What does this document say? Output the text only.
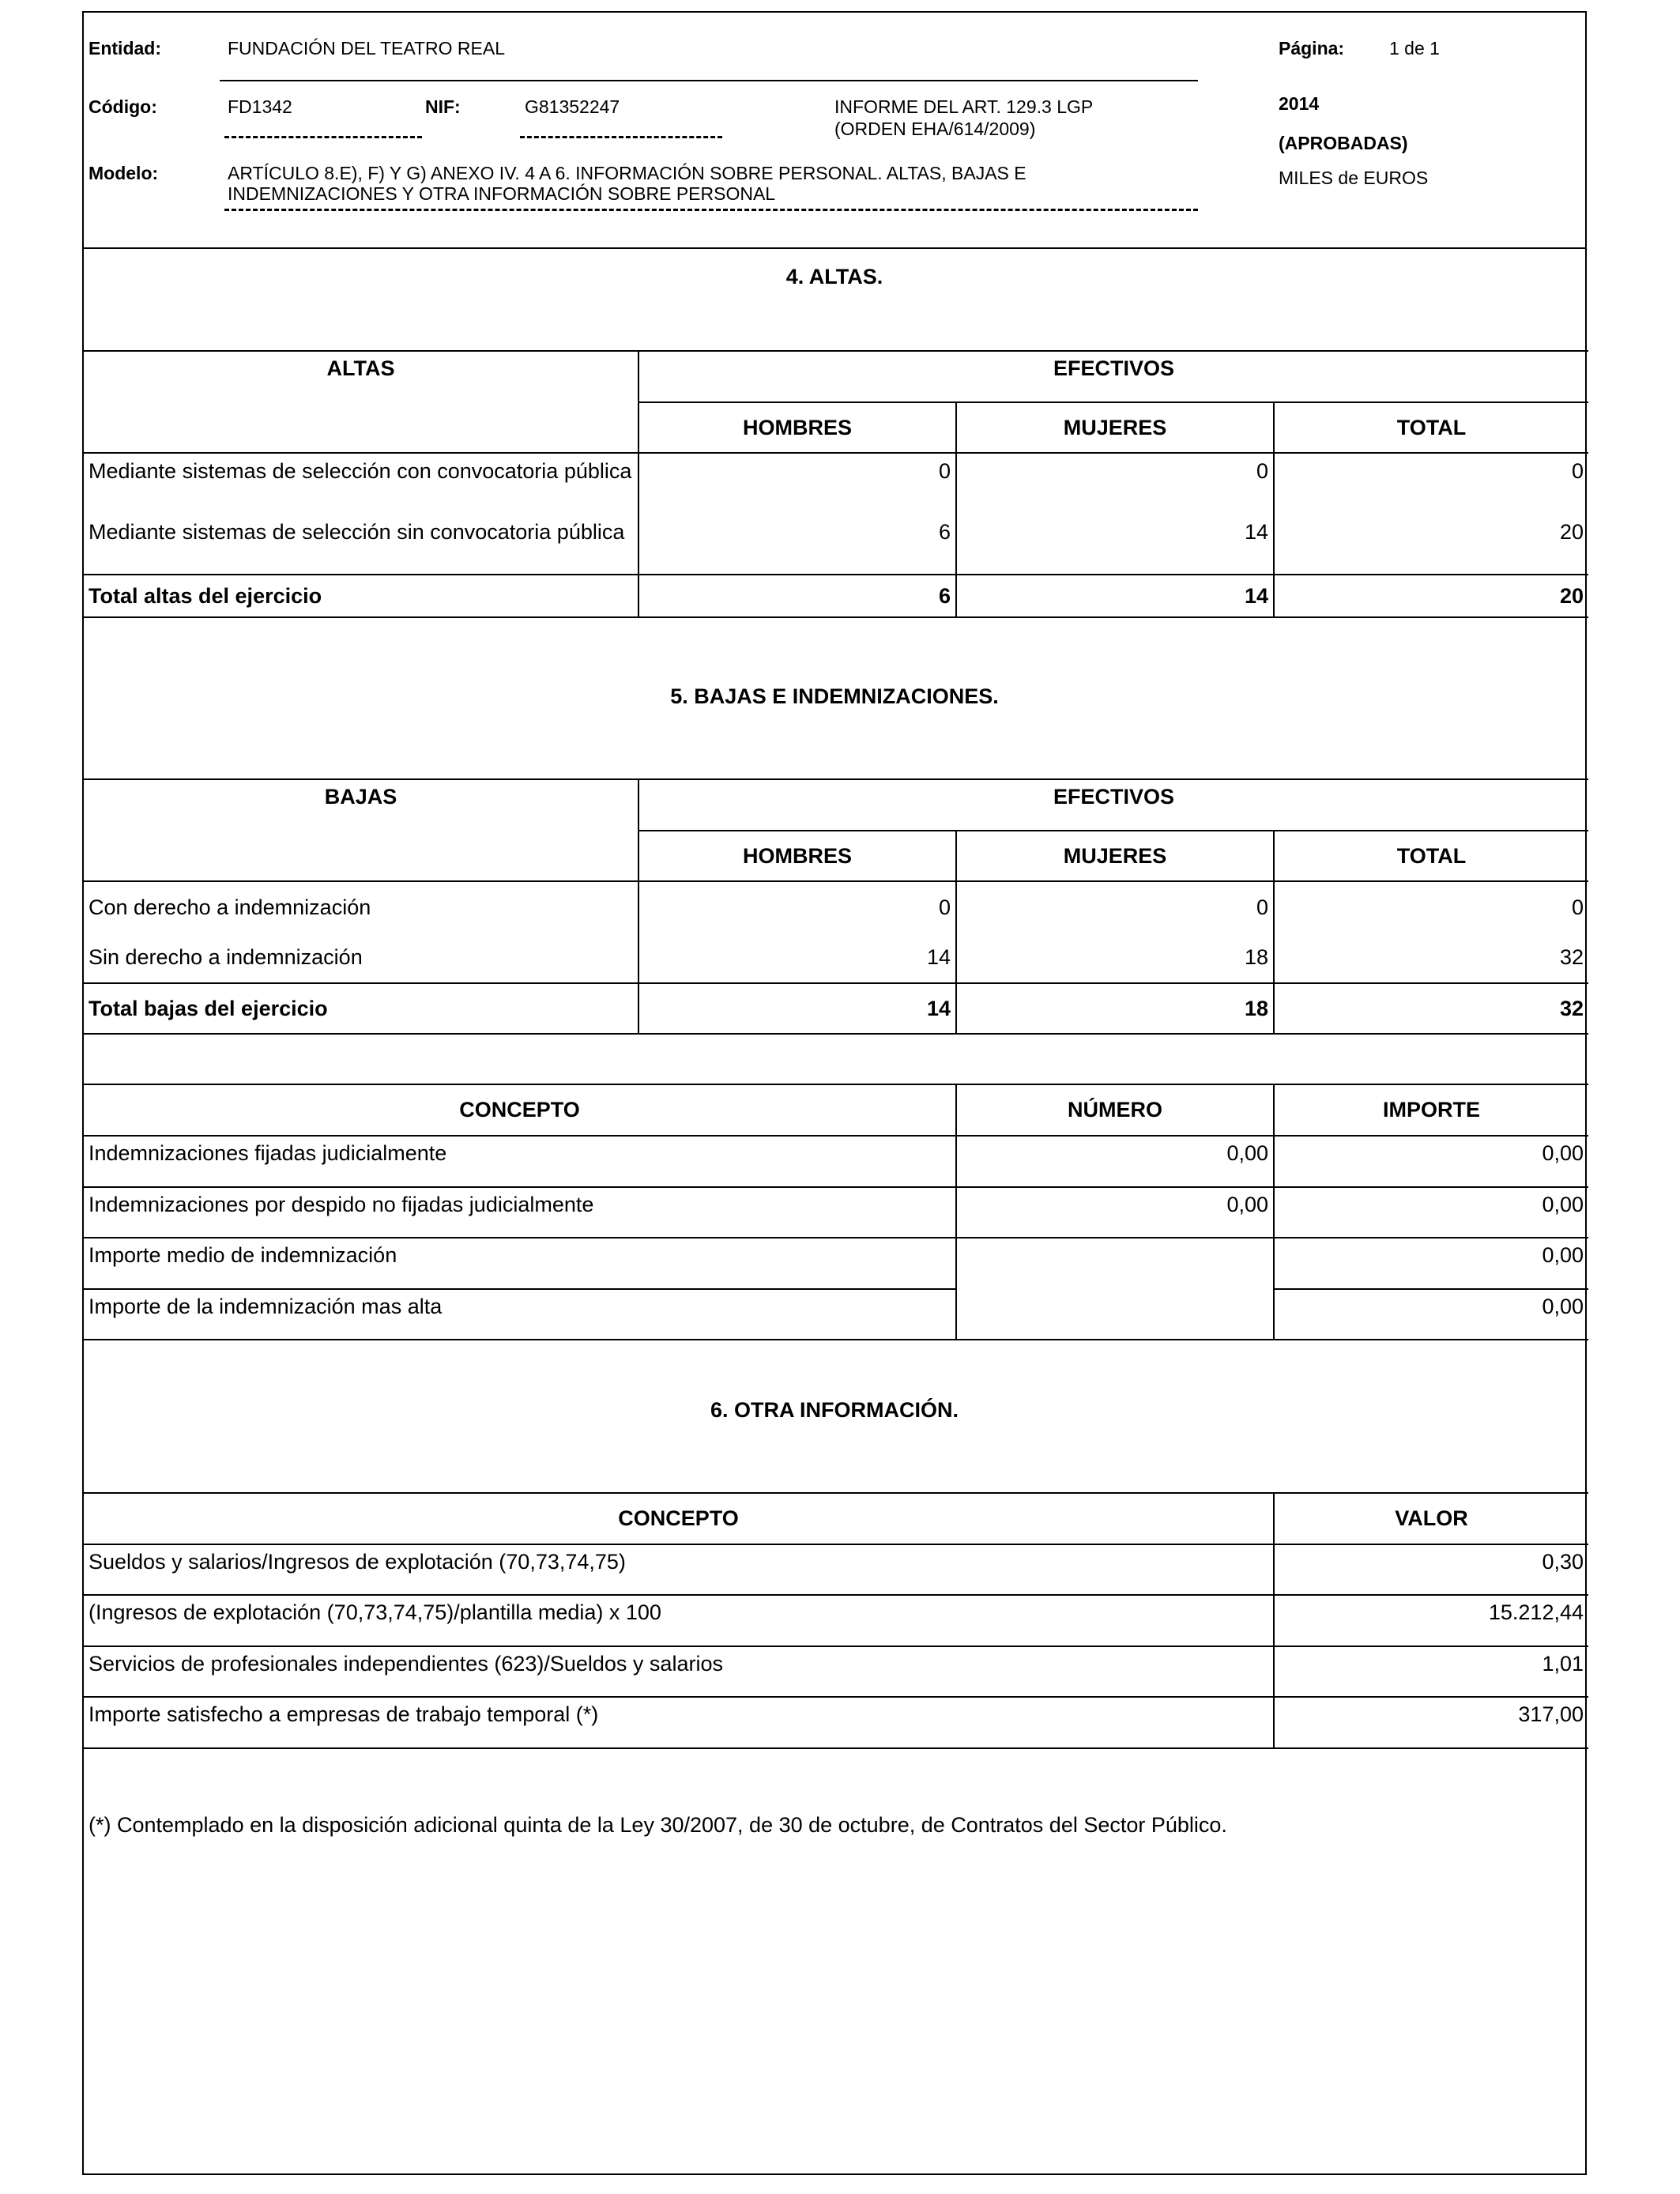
Entidad:	FUNDACIÓN DEL TEATRO REAL	Página: 1 de 1
Código:	FD1342	NIF:	G81352247	INFORME DEL ART. 129.3 LGP
(ORDEN EHA/614/2009)
2014
(APROBADAS)
MILES de EUROS
Modelo:	ARTÍCULO 8.E), F) Y G) ANEXO IV. 4 A 6. INFORMACIÓN SOBRE PERSONAL. ALTAS, BAJAS E
INDEMNIZACIONES Y OTRA INFORMACIÓN SOBRE PERSONAL
4. ALTAS.
ALTAS	EFECTIVOS		
	HOMBRES	MUJERES	TOTAL
Mediante sistemas de selección con convocatoria pública	0	0	0
Mediante sistemas de selección sin convocatoria pública	6	14	20
Total altas del ejercicio	6	14	20
5. BAJAS E INDEMNIZACIONES.
BAJAS	EFECTIVOS		
	HOMBRES	MUJERES	TOTAL
Con derecho a indemnización	0	0	0
Sin derecho a indemnización	14	18	32
Total bajas del ejercicio	14	18	32
CONCEPTO	NÚMERO	IMPORTE
Indemnizaciones fijadas judicialmente	0,00	0,00
Indemnizaciones por despido no fijadas judicialmente	0,00	0,00
Importe medio de indemnización		0,00
Importe de la indemnización mas alta		0,00
6. OTRA INFORMACIÓN.
CONCEPTO	VALOR
Sueldos y salarios/Ingresos de explotación (70,73,74,75)	0,30
(Ingresos de explotación (70,73,74,75)/plantilla media) x 100	15.212,44
Servicios de profesionales independientes (623)/Sueldos y salarios	1,01
Importe satisfecho a empresas de trabajo temporal (*)	317,00
(*) Contemplado en la disposición adicional quinta de la Ley 30/2007, de 30 de octubre, de Contratos del Sector Público.
